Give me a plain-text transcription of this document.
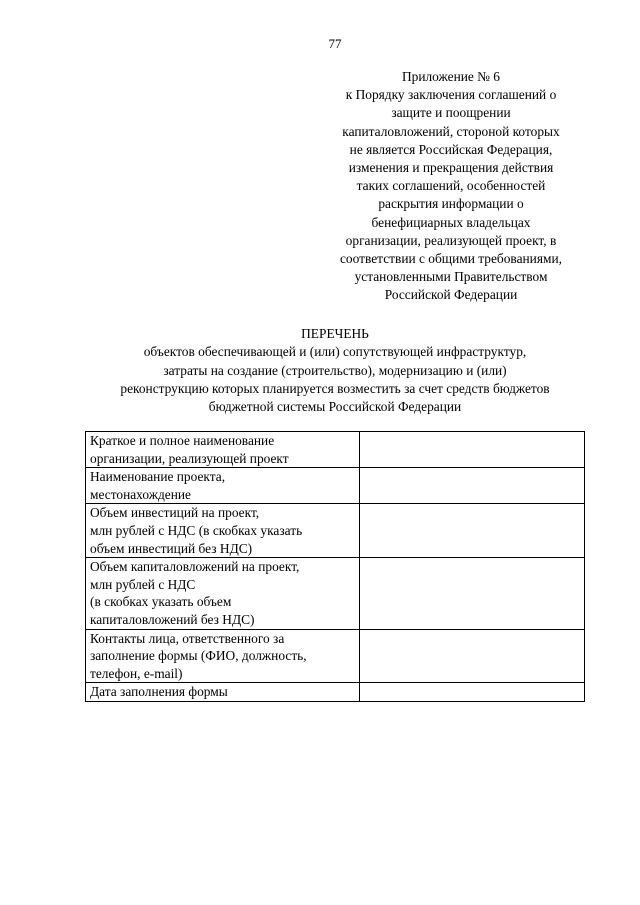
77
Приложение № 6
к Порядку заключения соглашений о
защите и поощрении
капиталовложений, стороной которых
не является Российская Федерация,
изменения и прекращения действия
таких соглашений, особенностей
раскрытия информации о
бенефициарных владельцах
организации, реализующей проект, в
соответствии с общими требованиями,
установленными Правительством
Российской Федерации
ПЕРЕЧЕНЬ
объектов обеспечивающей и (или) сопутствующей инфраструктур,
затраты на создание (строительство), модернизацию и (или)
реконструкцию которых планируется возместить за счет средств бюджетов
бюджетной системы Российской Федерации
Краткое и полное наименование
организации, реализующей проект	

Наименование проекта,
местонахождение	

Объем инвестиций на проект,
млн рублей с НДС (в скобках указать
объем инвестиций без НДС)	

Объем капиталовложений на проект,
млн рублей с НДС
(в скобках указать объем
капиталовложений без НДС)	

Контакты лица, ответственного за
заполнение формы (ФИО, должность,
телефон, e-mail)	

Дата заполнения формы	
